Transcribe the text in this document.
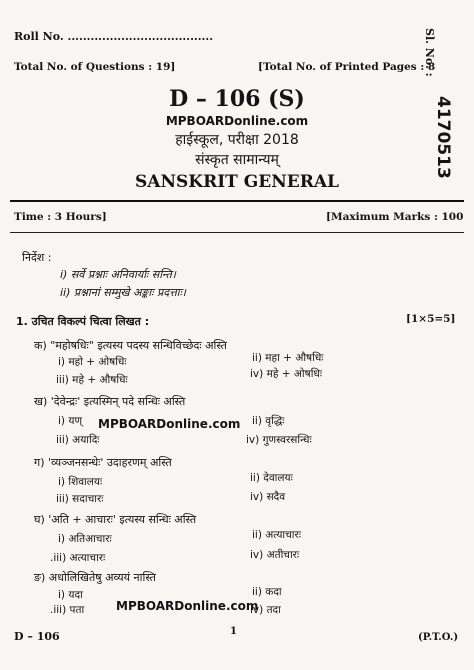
Roll No. ......................................
Total No. of Questions : 19]	[Total No. of Printed Pages : 8
Sl. No. :
4170513
D – 106 (S)
MPBOARDonline.com
हाईस्कूल, परीक्षा 2018
संस्कृत सामान्यम्
SANSKRIT GENERAL
Time : 3 Hours]	[Maximum Marks : 100
निर्देश :
i) सर्वे प्रश्नाः अनिवार्याः सन्ति।
ii) प्रश्नानां सम्मुखे अङ्काः प्रदत्ताः।
1. उचित विकल्पं चित्वा लिखत :	[1×5=5]
क) "महोषधिः" इत्यस्य पदस्य सन्धिविच्छेदः अस्ति
i) महो + ओषधिः	ii) महा + औषधिः
iii) महे + औषधिः	iv) महे + ओषधिः
ख) 'देवेन्द्रः' इत्यस्मिन् पदे सन्धिः अस्ति
i) यण्	ii) वृद्धिः
iii) अयादिः	iv) गुणस्वरसन्धिः
ग) 'व्यञ्जनसन्धेः' उदाहरणम् अस्ति
i) शिवालयः	ii) देवालयः
iii) सदाचारः	iv) सदैव
घ) 'अति + आचारः' इत्यस्य सन्धिः अस्ति
i) अतिआचारः	ii) अत्याचारः
.iii) अत्याचारः	iv) अतीचारः
ङ) अधोलिखितेषु अव्ययं नास्ति
i) यदा	ii) कदा
.iii) पता	iv) तदा
MPBOARDonline.com
MPBOARDonline.com
D – 106	1
(P.T.O.)
